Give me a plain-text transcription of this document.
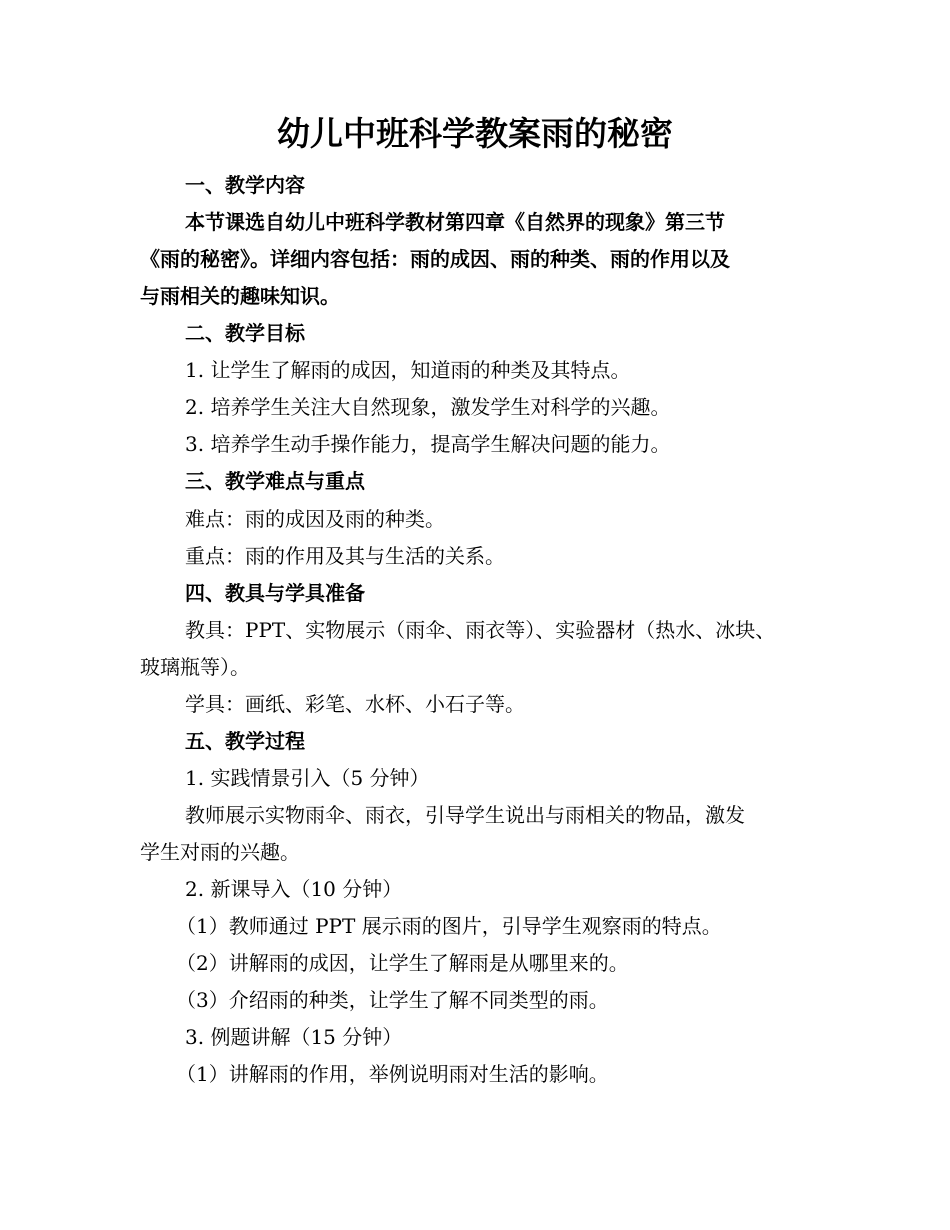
幼儿中班科学教案雨的秘密
一、教学内容
本节课选自幼儿中班科学教材第四章《自然界的现象》第三节
《雨的秘密》。详细内容包括：雨的成因、雨的种类、雨的作用以及
与雨相关的趣味知识。
二、教学目标
1. 让学生了解雨的成因，知道雨的种类及其特点。
2. 培养学生关注大自然现象，激发学生对科学的兴趣。
3. 培养学生动手操作能力，提高学生解决问题的能力。
三、教学难点与重点
难点：雨的成因及雨的种类。
重点：雨的作用及其与生活的关系。
四、教具与学具准备
教具：PPT、实物展示（雨伞、雨衣等）、实验器材（热水、冰块、
玻璃瓶等）。
学具：画纸、彩笔、水杯、小石子等。
五、教学过程
1. 实践情景引入（5 分钟）
教师展示实物雨伞、雨衣，引导学生说出与雨相关的物品，激发
学生对雨的兴趣。
2. 新课导入（10 分钟）
（1）教师通过 PPT 展示雨的图片，引导学生观察雨的特点。
（2）讲解雨的成因，让学生了解雨是从哪里来的。
（3）介绍雨的种类，让学生了解不同类型的雨。
3. 例题讲解（15 分钟）
（1）讲解雨的作用，举例说明雨对生活的影响。
